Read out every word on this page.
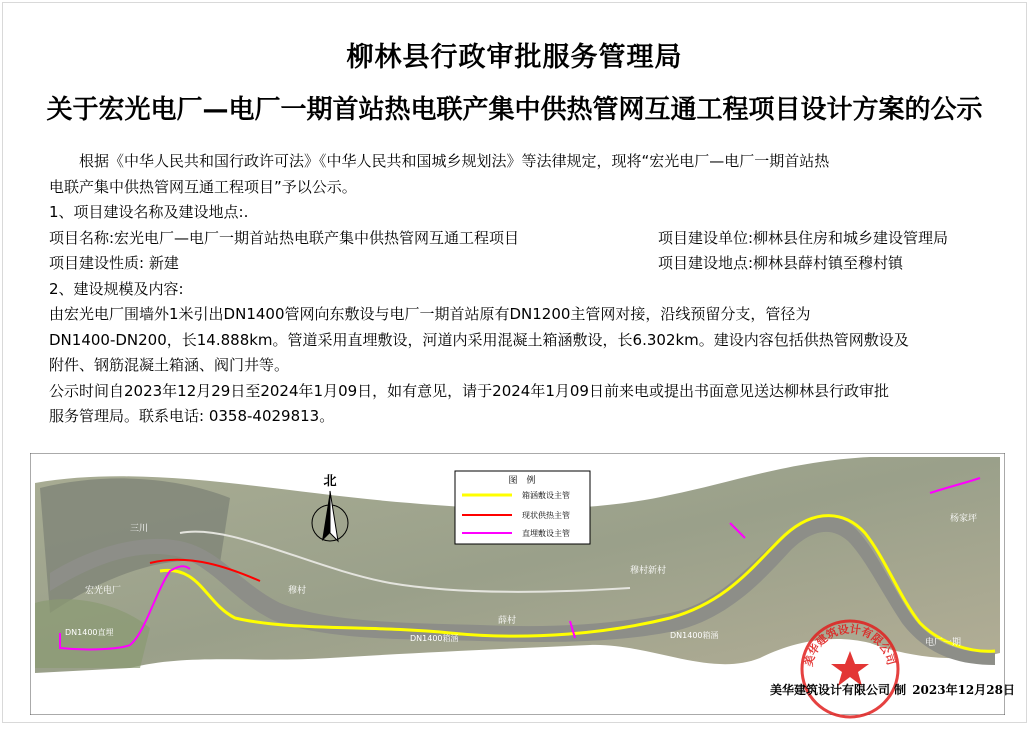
柳林县行政审批服务管理局
关于宏光电厂—电厂一期首站热电联产集中供热管网互通工程项目设计方案的公示

根据《中华人民共和国行政许可法》《中华人民共和国城乡规划法》等法律规定，现将“宏光电厂—电厂一期首站热

电联产集中供热管网互通工程项目”予以公示。

1、项目建设名称及建设地点:.

项目名称:宏光电厂—电厂一期首站热电联产集中供热管网互通工程项目	项目建设单位:柳林县住房和城乡建设管理局
项目建设性质: 新建	项目建设地点:柳林县薛村镇至穆村镇

2、建设规模及内容:

由宏光电厂围墙外1米引出DN1400管网向东敷设与电厂一期首站原有DN1200主管网对接，沿线预留分支，管径为

DN1400-DN200，长14.888km。管道采用直埋敷设，河道内采用混凝土箱涵敷设，长6.302km。建设内容包括供热管网敷设及

附件、钢筋混凝土箱涵、阀门井等。

公示时间自2023年12月29日至2024年1月09日，如有意见，请于2024年1月09日前来电或提出书面意见送达柳林县行政审批

服务管理局。联系电话: 0358-4029813。

北	图　例
箱涵敷设主管
现状供热主管
直埋敷设主管
宏光电厂
电厂一期
薛村
穆村
穆村新村
三川
杨家坪
DN1400直埋
DN1400箱涵	DN1400箱涵
美华建筑设计有限公司
美华建筑设计有限公司 制 2023年12月28日
